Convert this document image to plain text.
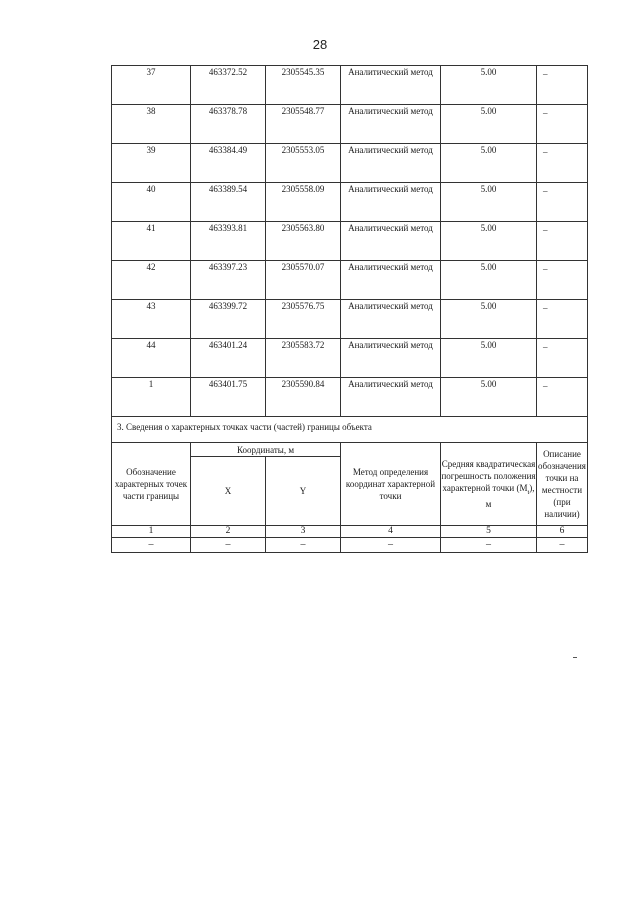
28
37	463372.52	2305545.35	Аналитический метод	5.00	–
38	463378.78	2305548.77	Аналитический метод	5.00	–
39	463384.49	2305553.05	Аналитический метод	5.00	–
40	463389.54	2305558.09	Аналитический метод	5.00	–
41	463393.81	2305563.80	Аналитический метод	5.00	–
42	463397.23	2305570.07	Аналитический метод	5.00	–
43	463399.72	2305576.75	Аналитический метод	5.00	–
44	463401.24	2305583.72	Аналитический метод	5.00	–
1	463401.75	2305590.84	Аналитический метод	5.00	–
3. Сведения о характерных точках части (частей) границы объекта					
Обозначение характерных точек части границы	Координаты, м		Метод определения координат характерной точки	Средняя квадратическая погрешность положения характерной точки $(M_t)$, м	Описание обозначения точки на местности (при наличии)
	X	Y			
1	2	3	4	5	6
–	–	–	–	–	–
